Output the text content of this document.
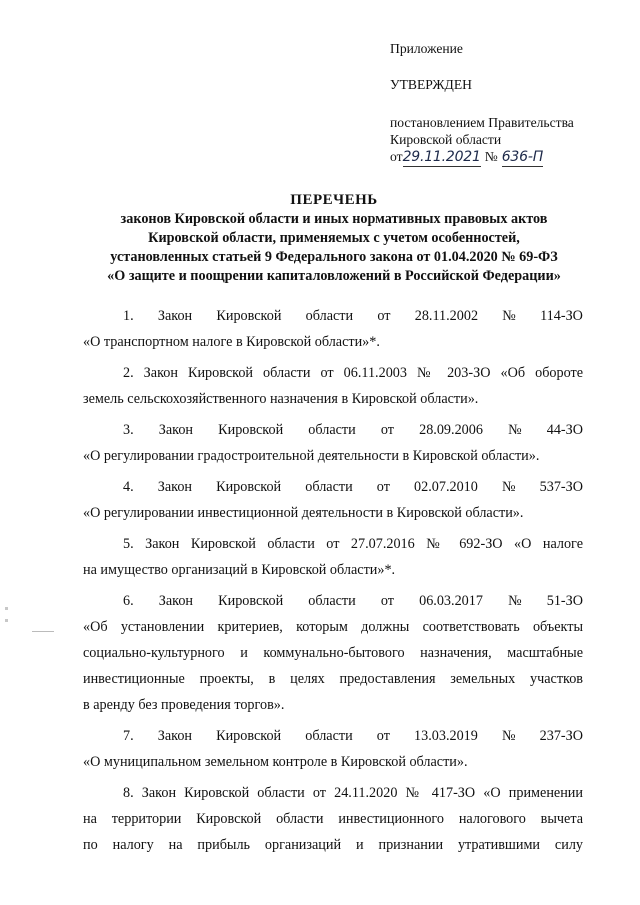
Приложение

УТВЕРЖДЕН

постановлением Правительства

Кировской области

от 29.11.2021 № 636-П
ПЕРЕЧЕНЬ
законов Кировской области и иных нормативных правовых актов
Кировской области, применяемых с учетом особенностей,
установленных статьей 9 Федерального закона от 01.04.2020 № 69-ФЗ
«О защите и поощрении капиталовложений в Российской Федерации»
1. Закон Кировской области от 28.11.2002 № 114-ЗО

«О транспортном налоге в Кировской области»*.

2. Закон Кировской области от 06.11.2003 № 203-ЗО «Об обороте

земель сельскохозяйственного назначения в Кировской области».

3. Закон Кировской области от 28.09.2006 № 44-ЗО

«О регулировании градостроительной деятельности в Кировской области».

4. Закон Кировской области от 02.07.2010 № 537-ЗО

«О регулировании инвестиционной деятельности в Кировской области».

5. Закон Кировской области от 27.07.2016 № 692-ЗО «О налоге

на имущество организаций в Кировской области»*.

6. Закон Кировской области от 06.03.2017 № 51-ЗО

«Об установлении критериев, которым должны соответствовать объекты

социально-культурного и коммунально-бытового назначения, масштабные

инвестиционные проекты, в целях предоставления земельных участков

в аренду без проведения торгов».

7. Закон Кировской области от 13.03.2019 № 237-ЗО

«О муниципальном земельном контроле в Кировской области».

8. Закон Кировской области от 24.11.2020 № 417-ЗО «О применении

на территории Кировской области инвестиционного налогового вычета

по налогу на прибыль организаций и признании утратившими силу
